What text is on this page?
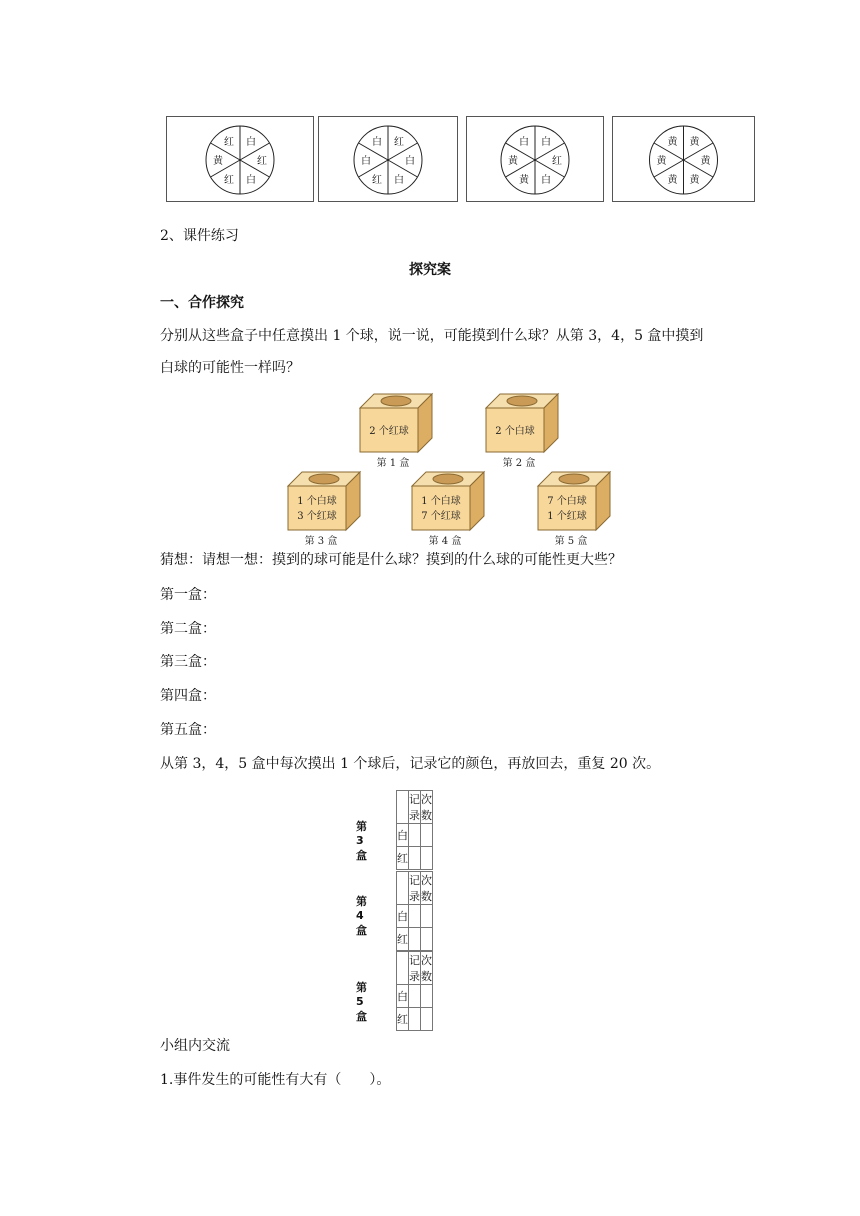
红
白
红
黄
红 白
白
红
白
白
红 白
红
白
白
黄
黄 白
黄
黄
黄
黄
黄 黄
2、课件练习
探究案
一、合作探究
分别从这些盒子中任意摸出 1 个球，说一说，可能摸到什么球？从第 3，4，5 盒中摸到
白球的可能性一样吗？
2 个红球
第 1 盒
2 个白球
第 2 盒
1 个白球
3 个红球
第 3 盒
1 个白球
7 个红球
第 4 盒
7 个白球
1 个红球
第 5 盒
猜想：请想一想：摸到的球可能是什么球？摸到的什么球的可能性更大些？
第一盒：
第二盒：
第三盒：
第四盒：
第五盒：
从第 3，4，5 盒中每次摸出 1 个球后，记录它的颜色，再放回去，重复 20 次。
第3盒
	记录	次数
白		
红		
第4盒
	记录	次数
白		
红		
第5盒
	记录	次数
白		
红		
小组内交流
1.事件发生的可能性有大有（　　）。
